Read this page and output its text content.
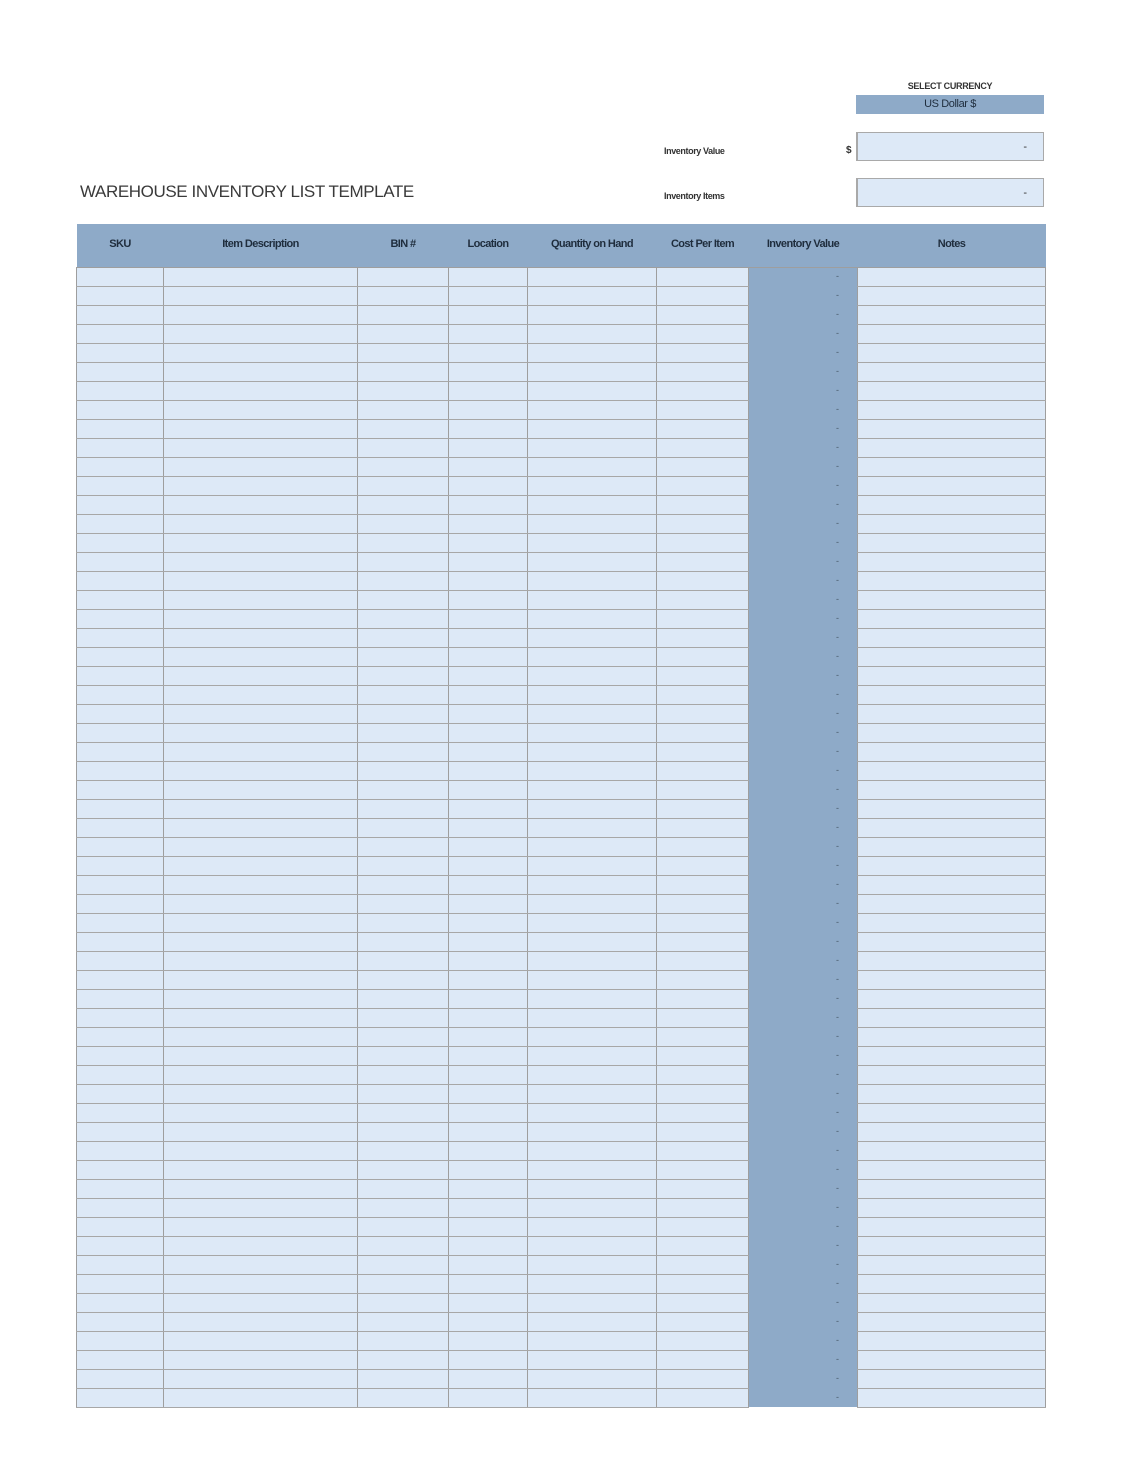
SELECT CURRENCY
US Dollar $
Inventory Value	$	-
WAREHOUSE INVENTORY LIST TEMPLATE	Inventory Items	-
SKU	Item Description	BIN #	Location	Quantity on Hand	Cost Per Item	Inventory Value	Notes
						-	
						-	
						-	
						-	
						-	
						-	
						-	
						-	
						-	
						-	
						-	
						-	
						-	
						-	
						-	
						-	
						-	
						-	
						-	
						-	
						-	
						-	
						-	
						-	
						-	
						-	
						-	
						-	
						-	
						-	
						-	
						-	
						-	
						-	
						-	
						-	
						-	
						-	
						-	
						-	
						-	
						-	
						-	
						-	
						-	
						-	
						-	
						-	
						-	
						-	
						-	
						-	
						-	
						-	
						-	
						-	
						-	
						-	
						-	
						-	
